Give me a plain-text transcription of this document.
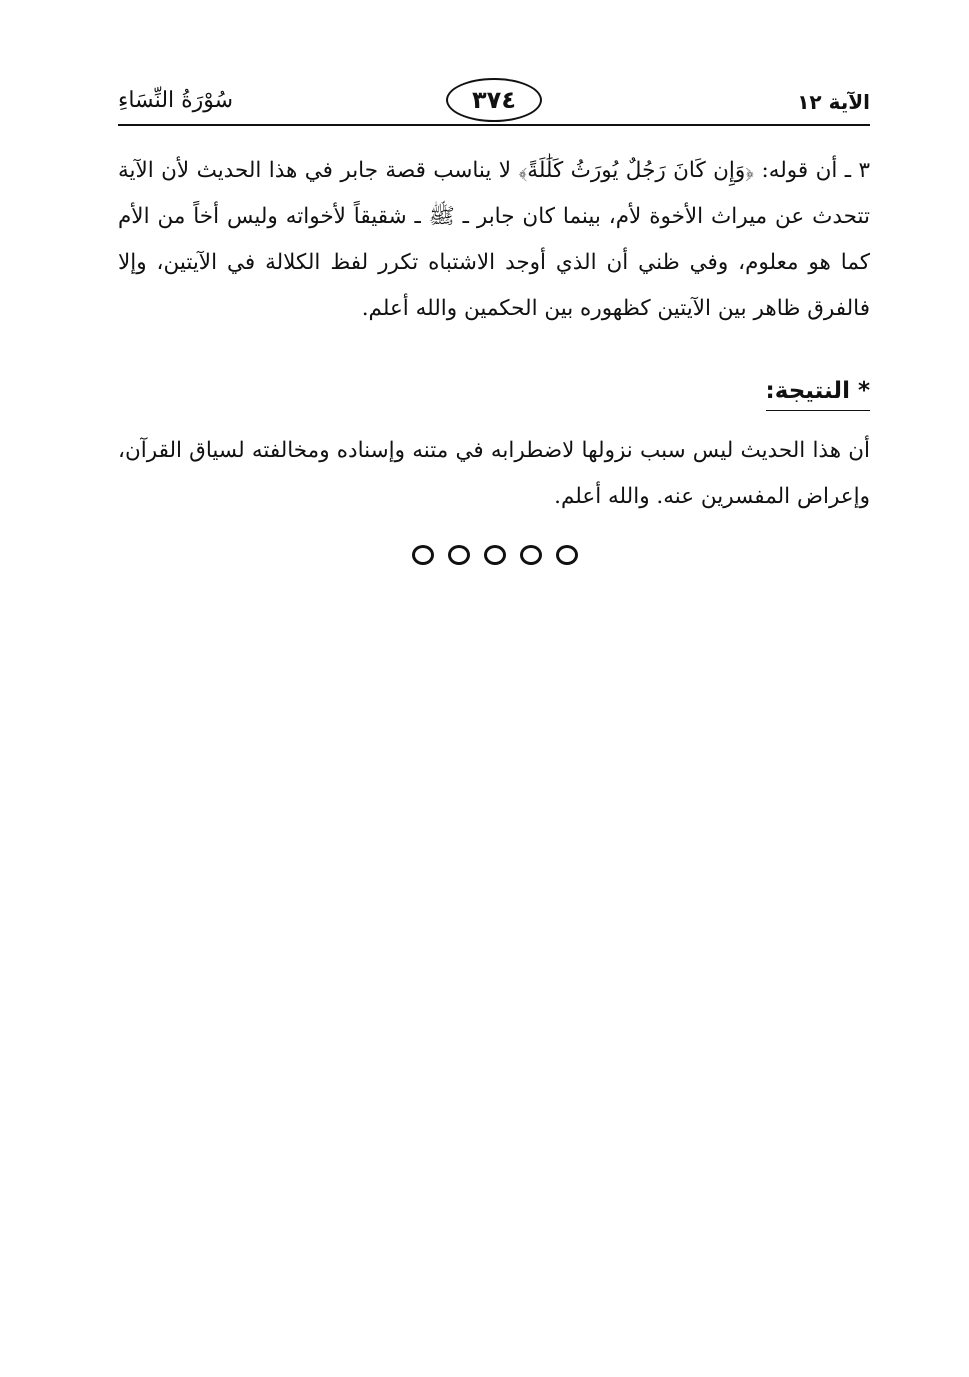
الآية ١٢
٣٧٤
سُوْرَةُ النِّسَاءِ

٣ ـ أن قوله: ﴿وَإِن كَانَ رَجُلٌ يُورَثُ كَلَٰلَةً﴾ لا يناسب قصة جابر في هذا الحديث لأن الآية تتحدث عن ميراث الأخوة لأم، بينما كان جابر ـ ﷺ ـ شقيقاً لأخواته وليس أخاً من الأم كما هو معلوم، وفي ظني أن الذي أوجد الاشتباه تكرر لفظ الكلالة في الآيتين، وإلا فالفرق ظاهر بين الآيتين كظهوره بين الحكمين والله أعلم.

* النتيجة:
أن هذا الحديث ليس سبب نزولها لاضطرابه في متنه وإسناده ومخالفته لسياق القرآن، وإعراض المفسرين عنه. والله أعلم.
